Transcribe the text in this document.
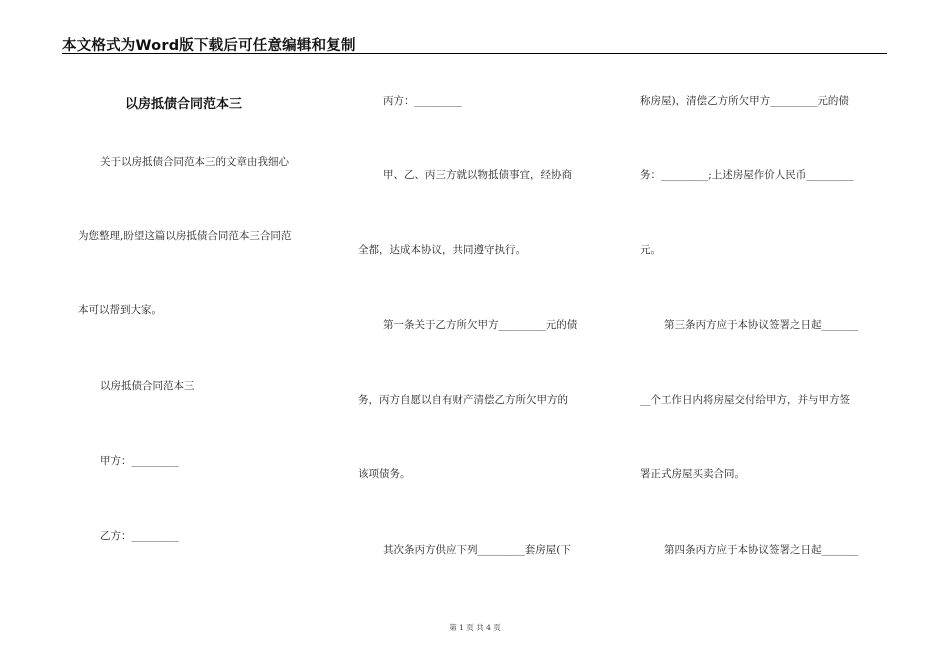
本文格式为Word版下载后可任意编辑和复制
以房抵债合同范本三
关于以房抵债合同范本三的文章由我细心
为您整理,盼望这篇以房抵债合同范本三合同范
本可以帮到大家。
以房抵债合同范本三
甲方：_________
乙方：_________
丙方：_________
甲、乙、丙三方就以物抵债事宜，经协商
全都，达成本协议，共同遵守执行。
第一条关于乙方所欠甲方_________元的债
务，丙方自愿以自有财产清偿乙方所欠甲方的
该项债务。
其次条丙方供应下列_________套房屋(下
称房屋)，清偿乙方所欠甲方_________元的债
务：_________;上述房屋作价人民币_________
元。
第三条丙方应于本协议签署之日起_______
__个工作日内将房屋交付给甲方，并与甲方签
署正式房屋买卖合同。
第四条丙方应于本协议签署之日起_______
第 1 页 共 4 页
